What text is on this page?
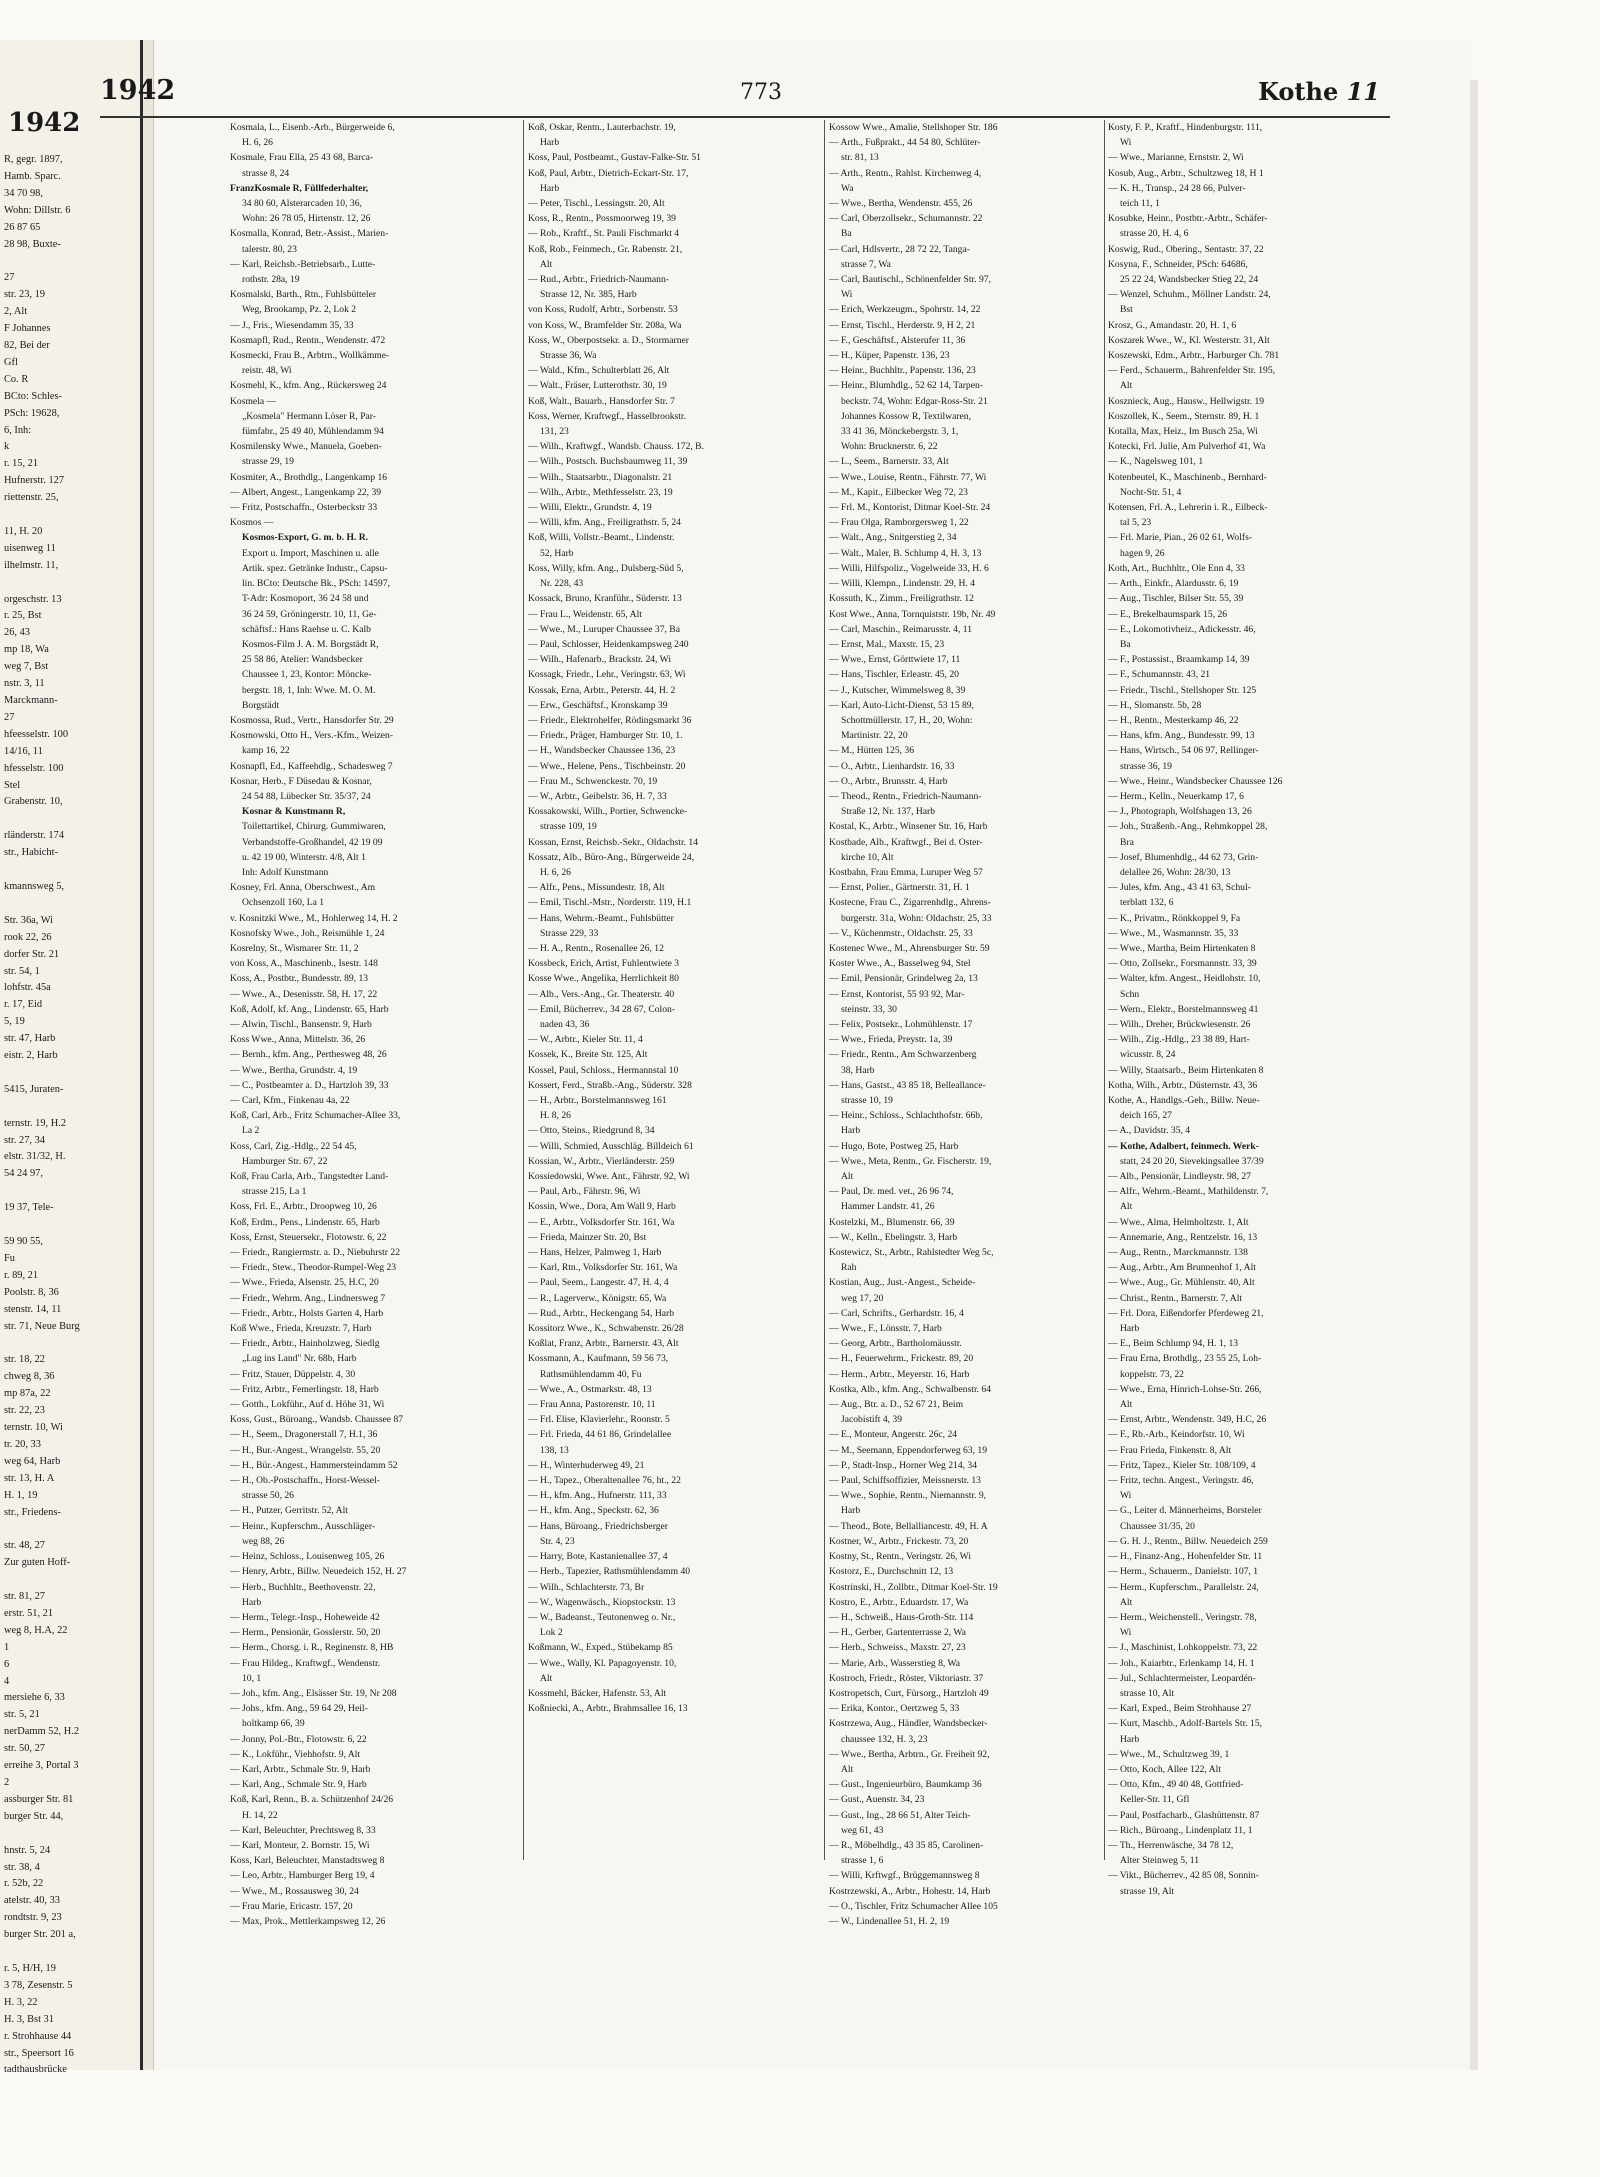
1942
R, gegr. 1897,
Hamb. Sparc.
34 70 98,
Wohn: Dillstr. 6
26 87 65
28 98, Buxte-

27
str. 23, 19
2, Alt
F Johannes
82, Bei der
Gfl
Co. R
BCto: Schles-
PSch: 19628,
6, Inh:
k
r. 15, 21
Hufnerstr. 127
riettenstr. 25,

11, H. 20
uisenweg 11
ilhelmstr. 11,

orgeschstr. 13
r. 25, Bst
26, 43
mp 18, Wa
weg 7, Bst
nstr. 3, 11
Marckmann-
27
hfeesselstr. 100
14/16, 11
hfesselstr. 100
Stel
Grabenstr. 10,

rländerstr. 174
str., Habicht-

kmannsweg 5,

Str. 36a, Wi
rook 22, 26
dorfer Str. 21
str. 54, 1
lohfstr. 45a
r. 17, Eid
5, 19
str. 47, Harb
eistr. 2, Harb

5415, Juraten-

ternstr. 19, H.2
str. 27, 34
elstr. 31/32, H.
54 24 97,

19 37, Tele-

59 90 55,
Fu
r. 89, 21
Poolstr. 8, 36
stenstr. 14, 11
str. 71, Neue Burg

str. 18, 22
chweg 8, 36
mp 87a, 22
str. 22, 23
ternstr. 10, Wi
tr. 20, 33
weg 64, Harb
str. 13, H. A
H. 1, 19
str., Friedens-

str. 48, 27
Zur guten Hoff-

str. 81, 27
erstr. 51, 21
weg 8, H.A, 22
1
6
4
mersiehe 6, 33
str. 5, 21
nerDamm 52, H.2
str. 50, 27
erreihe 3, Portal 3
2
assburger Str. 81
burger Str. 44,

hnstr. 5, 24
str. 38, 4
r. 52b, 22
atelstr. 40, 33
rondtstr. 9, 23
burger Str. 201 a,

r. 5, H/H, 19
3 78, Zesenstr. 5
H. 3, 22
H. 3, Bst 31
r. Strohhause 44
str., Speersort 16
tadthausbrücke
1942	773	Kothe 11
Kosmala, L., Eisenb.-Arb., Bürgerweide 6,
H. 6, 26
Kosmale, Frau Ella, 25 43 68, Barca-
strasse 8, 24
FranzKosmale R, Füllfederhalter,
34 80 60, Alsterarcaden 10, 36,
Wohn: 26 78 05, Hirtenstr. 12, 26
Kosmalla, Konrad, Betr.-Assist., Marien-
talerstr. 80, 23
— Karl, Reichsb.-Betriebsarb., Lutte-
rothstr. 28a, 19
Kosmalski, Barth., Rtn., Fuhlsbütteler
Weg, Brookamp, Pz. 2, Lok 2
— J., Fris., Wiesendamm 35, 33
Kosmapfl, Rud., Rentn., Wendenstr. 472
Kosmecki, Frau B., Arbtrn., Wollkämme-
reistr. 48, Wi
Kosmehl, K., kfm. Ang., Rückersweg 24
Kosmela —
„Kosmela" Hermann Löser R, Par-
fümfabr., 25 49 40, Mühlendamm 94
Kosmilensky Wwe., Manuela, Goeben-
strasse 29, 19
Kosmiter, A., Brothdlg., Langenkamp 16
— Albert, Angest., Langenkamp 22, 39
— Fritz, Postschaffn., Osterbeckstr 33
Kosmos —
Kosmos-Export, G. m. b. H. R.
Export u. Import, Maschinen u. alle
Artik. spez. Getränke Industr., Capsu-
lin. BCto: Deutsche Bk., PSch: 14597,
T-Adr: Kosmoport, 36 24 58 und
36 24 59, Gröningerstr. 10, 11, Ge-
schäftsf.: Hans Raehse u. C. Kalb
Kosmos-Film J. A. M. Borgstädt R,
25 58 86, Atelier: Wandsbecker
Chaussee 1, 23, Kontor: Möncke-
bergstr. 18, 1, Inh: Wwe. M. O. M.
Borgstädt
Kosmossa, Rud., Vertr., Hansdorfer Str. 29
Kosmowski, Otto H., Vers.-Kfm., Weizen-
kamp 16, 22
Kosnapfl, Ed., Kaffeehdlg., Schadesweg 7
Kosnar, Herb., F Düsedau & Kosnar,
24 54 88, Lübecker Str. 35/37, 24
Kosnar & Kunstmann R,
Toilettartikel, Chirurg. Gummiwaren,
Verbandstoffe-Großhandel, 42 19 09
u. 42 19 00, Winterstr. 4/8, Alt 1
Inh: Adolf Kunstmann
Kosney, Frl. Anna, Oberschwest., Am
Ochsenzoll 160, La 1
v. Kosnitzki Wwe., M., Hohlerweg 14, H. 2
Kosnofsky Wwe., Joh., Reismühle 1, 24
Kosrelny, St., Wismarer Str. 11, 2
von Koss, A., Maschinenb., Isestr. 148
Koss, A., Postbtr., Bundesstr. 89, 13
— Wwe., A., Desenisstr. 58, H. 17, 22
Koß, Adolf, kf. Ang., Lindenstr. 65, Harb
— Alwin, Tischl., Bansenstr. 9, Harb
Koss Wwe., Anna, Mittelstr. 36, 26
— Bernh., kfm. Ang., Perthesweg 48, 26
— Wwe., Bertha, Grundstr. 4, 19
— C., Postbeamter a. D., Hartzloh 39, 33
— Carl, Kfm., Finkenau 4a, 22
Koß, Carl, Arb., Fritz Schumacher-Allee 33,
La 2
Koss, Carl, Zig.-Hdlg., 22 54 45,
Hamburger Str. 67, 22
Koß, Frau Carla, Arb., Tangstedter Land-
strasse 215, La 1
Koss, Frl. E., Arbtr., Droopweg 10, 26
Koß, Erdm., Pens., Lindenstr. 65, Harb
Koss, Ernst, Steuersekr., Flotowstr. 6, 22
— Friedr., Rangiermstr. a. D., Niebuhrstr 22
— Friedr., Stew., Theodor-Rumpel-Weg 23
— Wwe., Frieda, Alsenstr. 25, H.C, 20
— Friedr., Wehrm. Ang., Lindnersweg 7
— Friedr., Arbtr., Holsts Garten 4, Harb
Koß Wwe., Frieda, Kreuzstr. 7, Harb
— Friedr., Arbtr., Hainholzweg, Siedlg
„Lug ins Land" Nr. 68b, Harb
— Fritz, Stauer, Düppelstr. 4, 30
— Fritz, Arbtr., Femerlingstr. 18, Harb
— Gotth., Lokführ., Auf d. Höhe 31, Wi
Koss, Gust., Büroang., Wandsb. Chaussee 87
— H., Seem., Dragonerstall 7, H.1, 36
— H., Bur.-Angest., Wrangelstr. 55, 20
— H., Bür.-Angest., Hammersteindamm 52
— H., Ob.-Postschaffn., Horst-Wessel-
strasse 50, 26
— H., Putzer, Gerritstr. 52, Alt
— Heinr., Kupferschm., Ausschläger-
weg 88, 26
— Heinz, Schloss., Louisenweg 105, 26
— Henry, Arbtr., Billw. Neuedeich 152, H. 27
— Herb., Buchhltr., Beethovenstr. 22,
Harb
— Herm., Telegr.-Insp., Hoheweide 42
— Herm., Pensionär, Gosslerstr. 50, 20
— Herm., Chorsg. i. R., Reginenstr. 8, HB
— Frau Hildeg., Kraftwgf., Wendenstr.
10, 1
— Joh., kfm. Ang., Elsässer Str. 19, Nr 208
— Johs., kfm. Ang., 59 64 29, Heil-
holtkamp 66, 39
— Jonny, Pol.-Btr., Flotowstr. 6, 22
— K., Lokführ., Viehhofstr. 9, Alt
— Karl, Arbtr., Schmale Str. 9, Harb
— Karl, Ang., Schmale Str. 9, Harb
Koß, Karl, Renn., B. a. Schützenhof 24/26
H. 14, 22
— Karl, Beleuchter, Prechtsweg 8, 33
— Karl, Monteur, 2. Bornstr. 15, Wi
Koss, Karl, Beleuchter, Manstadtsweg 8
— Leo, Arbtr., Hamburger Berg 19, 4
— Wwe., M., Rossausweg 30, 24
— Frau Marie, Ericastr. 157, 20
— Max, Prok., Mettlerkampsweg 12, 26
Koß, Oskar, Rentn., Lauterbachstr. 19,
Harb
Koss, Paul, Postbeamt., Gustav-Falke-Str. 51
Koß, Paul, Arbtr., Dietrich-Eckart-Str. 17,
Harb
— Peter, Tischl., Lessingstr. 20, Alt
Koss, R., Rentn., Possmoorweg 19, 39
— Rob., Kraftf., St. Pauli Fischmarkt 4
Koß, Rob., Feinmech., Gr. Rabenstr. 21,
Alt
— Rud., Arbtr., Friedrich-Naumann-
Strasse 12, Nr. 385, Harb
von Koss, Rudolf, Arbtr., Sorbenstr. 53
von Koss, W., Bramfelder Str. 208a, Wa
Koss, W., Oberpostsekr. a. D., Stormarner
Strasse 36, Wa
— Wald., Kfm., Schulterblatt 26, Alt
— Walt., Fräser, Lutterothstr. 30, 19
Koß, Walt., Bauarb., Hansdorfer Str. 7
Koss, Werner, Kraftwgf., Hasselbrookstr.
131, 23
— Wilh., Kraftwgf., Wandsb. Chauss. 172, B.
— Wilh., Postsch. Buchsbaumweg 11, 39
— Wilh., Staatsarbtr., Diagonalstr. 21
— Wilh., Arbtr., Methfesselstr. 23, 19
— Willi, Elektr., Grundstr. 4, 19
— Willi, kfm. Ang., Freiligrathstr. 5, 24
Koß, Willi, Vollstr.-Beamt., Lindenstr.
52, Harb
Koss, Willy, kfm. Ang., Dulsberg-Süd 5,
Nr. 228, 43
Kossack, Bruno, Kranführ., Süderstr. 13
— Frau L., Weidenstr. 65, Alt
— Wwe., M., Luruper Chaussee 37, Ba
— Paul, Schlosser, Heidenkampsweg 240
— Wilh., Hafenarb., Brackstr. 24, Wi
Kossagk, Friedr., Lehr., Veringstr. 63, Wi
Kossak, Erna, Arbtr., Peterstr. 44, H. 2
— Erw., Geschäftsf., Kronskamp 39
— Friedr., Elektrohelfer, Rödingsmarkt 36
— Friedr., Präger, Hamburger Str. 10, 1.
— H., Wandsbecker Chaussee 136, 23
— Wwe., Helene, Pens., Tischbeinstr. 20
— Frau M., Schwenckestr. 70, 19
— W., Arbtr., Geibelstr. 36, H. 7, 33
Kossakowski, Wilh., Portier, Schwencke-
strasse 109, 19
Kossan, Ernst, Reichsb.-Sekr., Oldachstr. 14
Kossatz, Alb., Büro-Ang., Bürgerweide 24,
H. 6, 26
— Alfr., Pens., Missundestr. 18, Alt
— Emil, Tischl.-Mstr., Norderstr. 119, H.1
— Hans, Wehrm.-Beamt., Fuhlsbütter
Strasse 229, 33
— H. A., Rentn., Rosenallee 26, 12
Kossbeck, Erich, Artist, Fuhlentwiete 3
Kosse Wwe., Angelika, Herrlichkeit 80
— Alb., Vers.-Ang., Gr. Theaterstr. 40
— Emil, Bücherrev., 34 28 67, Colon-
naden 43, 36
— W., Arbtr., Kieler Str. 11, 4
Kossek, K., Breite Str. 125, Alt
Kossel, Paul, Schloss., Hermannstal 10
Kossert, Ferd., Straßb.-Ang., Süderstr. 328
— H., Arbtr., Borstelmannsweg 161
H. 8, 26
— Otto, Steins., Riedgrund 8, 34
— Willi, Schmied, Ausschläg. Billdeich 61
Kossian, W., Arbtr., Vierländerstr. 259
Kossiedowski, Wwe. Ant., Fährstr. 92, Wi
— Paul, Arb., Fährstr. 96, Wi
Kossin, Wwe., Dora, Am Wall 9, Harb
— E., Arbtr., Volksdorfer Str. 161, Wa
— Frieda, Mainzer Str. 20, Bst
— Hans, Helzer, Palmweg 1, Harb
— Karl, Rtn., Volksdorfer Str. 161, Wa
— Paul, Seem., Langestr. 47, H. 4, 4
— R., Lagerverw., Königstr. 65, Wa
— Rud., Arbtr., Heckengang 54, Harb
Kossitorz Wwe., K., Schwabenstr. 26/28
Koßlat, Franz, Arbtr., Barnerstr. 43, Alt
Kossmann, A., Kaufmann, 59 56 73,
Rathsmühlendamm 40, Fu
— Wwe., A., Ostmarkstr. 48, 13
— Frau Anna, Pastorenstr. 10, 11
— Frl. Elise, Klavierlehr., Roonstr. 5
— Frl. Frieda, 44 61 86, Grindelallee
138, 13
— H., Winterhuderweg 49, 21
— H., Tapez., Oberaltenallee 76, ht., 22
— H., kfm. Ang., Hufnerstr. 111, 33
— H., kfm. Ang., Speckstr. 62, 36
— Hans, Büroang., Friedrichsberger
Str. 4, 23
— Harry, Bote, Kastanienallee 37, 4
— Herb., Tapezier, Rathsmühlendamm 40
— Wilh., Schlachterstr. 73, Br
— W., Wagenwäsch., Kiopstockstr. 13
— W., Badeanst., Teutonenweg o. Nr.,
Lok 2
Koßmann, W., Exped., Stübekamp 85
— Wwe., Wally, Kl. Papagoyenstr. 10,
Alt
Kossmehl, Bäcker, Hafenstr. 53, Alt
Koßniecki, A., Arbtr., Brahmsallee 16, 13
Kossow Wwe., Amalie, Stellshoper Str. 186
— Arth., Fußprakt., 44 54 80, Schlüter-
str. 81, 13
— Arth., Rentn., Rahlst. Kirchenweg 4,
Wa
— Wwe., Bertha, Wendenstr. 455, 26
— Carl, Oberzollsekr., Schumannstr. 22
Ba
— Carl, Hdlsvertr., 28 72 22, Tanga-
strasse 7, Wa
— Carl, Bautischl., Schönenfelder Str. 97,
Wi
— Erich, Werkzeugm., Spohrstr. 14, 22
— Ernst, Tischl., Herderstr. 9, H 2, 21
— F., Geschäftsf., Alsterufer 11, 36
— H., Küper, Papenstr. 136, 23
— Heinr., Buchhltr., Papenstr. 136, 23
— Heinr., Blumhdlg., 52 62 14, Tarpen-
beckstr. 74, Wohn: Edgar-Ross-Str. 21
Johannes Kossow R, Textilwaren,
33 41 36, Mönckebergstr. 3, 1,
Wohn: Brucknerstr. 6, 22
— L., Seem., Barnerstr. 33, Alt
— Wwe., Louise, Rentn., Fährstr. 77, Wi
— M., Kapit., Eilbecker Weg 72, 23
— Frl. M., Kontorist, Ditmar Koel-Str. 24
— Frau Olga, Ramborgersweg 1, 22
— Walt., Ang., Snitgerstieg 2, 34
— Walt., Maler, B. Schlump 4, H. 3, 13
— Willi, Hilfspoliz., Vogelweide 33, H. 6
— Willi, Klempn., Lindenstr. 29, H. 4
Kossuth, K., Zimm., Freiligrathstr. 12
Kost Wwe., Anna, Tornquiststr. 19b, Nr. 49
— Carl, Maschin., Reimarusstr. 4, 11
— Ernst, Mal., Maxstr. 15, 23
— Wwe., Ernst, Görttwiete 17, 11
— Hans, Tischler, Erleastr. 45, 20
— J., Kutscher, Wimmelsweg 8, 39
— Karl, Auto-Licht-Dienst, 53 15 89,
Schottmüllerstr. 17, H., 20, Wohn:
Martinistr. 22, 20
— M., Hütten 125, 36
— O., Arbtr., Lienhardstr. 16, 33
— O., Arbtr., Brunsstr. 4, Harb
— Theod., Rentn., Friedrich-Naumann-
Straße 12, Nr. 137, Harb
Kostal, K., Arbtr., Winsener Str. 16, Harb
Kostbade, Alb., Kraftwgf., Bei d. Oster-
kirche 10, Alt
Kostbahn, Frau Emma, Luruper Weg 57
— Ernst, Polier., Gärtnerstr. 31, H. 1
Kostecne, Frau C., Zigarrenhdlg., Ahrens-
burgerstr. 31a, Wohn: Oldachstr. 25, 33
— V., Küchenmstr., Oldachstr. 25, 33
Kostenec Wwe., M., Ahrensburger Str. 59
Koster Wwe., A., Basselweg 94, Stel
— Emil, Pensionär, Grindelweg 2a, 13
— Ernst, Kontorist, 55 93 92, Mar-
steinstr. 33, 30
— Felix, Postsekr., Lohmühlenstr. 17
— Wwe., Frieda, Preystr. 1a, 39
— Friedr., Rentn., Am Schwarzenberg
38, Harb
— Hans, Gastst., 43 85 18, Belleallance-
strasse 10, 19
— Heinr., Schloss., Schlachthofstr. 66b,
Harb
— Hugo, Bote, Postweg 25, Harb
— Wwe., Meta, Rentn., Gr. Fischerstr. 19,
Alt
— Paul, Dr. med. vet., 26 96 74,
Hammer Landstr. 41, 26
Kostelzki, M., Blumenstr. 66, 39
— W., Kelln., Ebelingstr. 3, Harb
Kostewicz, St., Arbtr., Rahlstedter Weg 5c,
Rah
Kostian, Aug., Just.-Angest., Scheide-
weg 17, 20
— Carl, Schrifts., Gerhardstr. 16, 4
— Wwe., F., Lönsstr. 7, Harb
— Georg, Arbtr., Bartholomäusstr.
— H., Feuerwehrm., Frickestr. 89, 20
— Herm., Arbtr., Meyerstr. 16, Harb
Kostka, Alb., kfm. Ang., Schwalbenstr. 64
— Aug., Btr. a. D., 52 67 21, Beim
Jacobistift 4, 39
— E., Monteur, Angerstr. 26c, 24
— M., Seemann, Eppendorferweg 63, 19
— P., Stadt-Insp., Horner Weg 214, 34
— Paul, Schiffsoffizier, Meissnerstr. 13
— Wwe., Sophie, Rentn., Niemannstr. 9,
Harb
— Theod., Bote, Bellalliancestr. 49, H. A
Kostner, W., Arbtr., Frickestr. 73, 20
Kostny, St., Rentn., Veringstr. 26, Wi
Kostorz, E., Durchschnitt 12, 13
Kostrinski, H., Zollbtr., Ditmar Koel-Str. 19
Kostro, E., Arbtr., Eduardstr. 17, Wa
— H., Schweiß., Haus-Groth-Str. 114
— H., Gerber, Gartenterrasse 2, Wa
— Herb., Schweiss., Maxstr. 27, 23
— Marie, Arb., Wasserstieg 8, Wa
Kostroch, Friedr., Röster, Viktoriastr. 37
Kostropetsch, Curt, Fürsorg., Hartzloh 49
— Erika, Kontor., Oertzweg 5, 33
Kostrzewa, Aug., Händler, Wandsbecker-
chaussee 132, H. 3, 23
— Wwe., Bertha, Arbtrn., Gr. Freiheit 92,
Alt
— Gust., Ingenieurbüro, Baumkamp 36
— Gust., Auenstr. 34, 23
— Gust., Ing., 28 66 51, Alter Teich-
weg 61, 43
— R., Möbelhdlg., 43 35 85, Carolinen-
strasse 1, 6
— Willi, Krftwgf., Brüggemannsweg 8
Kostrzewski, A., Arbtr., Hohestr. 14, Harb
— O., Tischler, Fritz Schumacher Allee 105
— W., Lindenallee 51, H. 2, 19
Kosty, F. P., Kraftf., Hindenburgstr. 111,
Wi
— Wwe., Marianne, Ernststr. 2, Wi
Kosub, Aug., Arbtr., Schultzweg 18, H 1
— K. H., Transp., 24 28 66, Pulver-
teich 11, 1
Kosubke, Heinr., Postbtr.-Arbtr., Schäfer-
strasse 20, H. 4, 6
Koswig, Rud., Obering., Sentastr. 37, 22
Kosyna, F., Schneider, PSch: 64686,
25 22 24, Wandsbecker Stieg 22, 24
— Wenzel, Schuhm., Möllner Landstr. 24,
Bst
Krosz, G., Amandastr. 20, H. 1, 6
Koszarek Wwe., W., Kl. Westerstr. 31, Alt
Koszewski, Edm., Arbtr., Harburger Ch. 781
— Ferd., Schauerm., Bahrenfelder Str. 195,
Alt
Kosznieck, Aug., Hausw., Hellwigstr. 19
Koszollek, K., Seem., Sternstr. 89, H. 1
Kotalla, Max, Heiz., Im Busch 25a, Wi
Kotecki, Frl. Julie, Am Pulverhof 41, Wa
— K., Nagelsweg 101, 1
Kotenbeutel, K., Maschinenb., Bernhard-
Nocht-Str. 51, 4
Kotensen, Frl. A., Lehrerin i. R., Eilbeck-
tal 5, 23
— Frl. Marie, Pian., 26 02 61, Wolfs-
hagen 9, 26
Koth, Art., Buchhltr., Ole Enn 4, 33
— Arth., Einkfr., Alardusstr. 6, 19
— Aug., Tischler, Bilser Str. 55, 39
— E., Brekelbaumspark 15, 26
— E., Lokomotivheiz., Adickesstr. 46,
Ba
— F., Postassist., Braamkamp 14, 39
— F., Schumannstr. 43, 21
— Friedr., Tischl., Stellshoper Str. 125
— H., Slomanstr. 5b, 28
— H., Rentn., Mesterkamp 46, 22
— Hans, kfm. Ang., Bundesstr. 99, 13
— Hans, Wirtsch., 54 06 97, Rellinger-
strasse 36, 19
— Wwe., Heinr., Wandsbecker Chaussee 126
— Herm., Kelln., Neuerkamp 17, 6
— J., Photograph, Wolfshagen 13, 26
— Joh., Straßenb.-Ang., Rehmkoppel 28,
Bra
— Josef, Blumenhdlg., 44 62 73, Grin-
delallee 26, Wohn: 28/30, 13
— Jules, kfm. Ang., 43 41 63, Schul-
terblatt 132, 6
— K., Privatm., Rönkkoppel 9, Fa
— Wwe., M., Wasmannstr. 35, 33
— Wwe., Martha, Beim Hirtenkaten 8
— Otto, Zollsekr., Forsmannstr. 33, 39
— Walter, kfm. Angest., Heidlohstr. 10,
Schn
— Wern., Elektr., Borstelmannsweg 41
— Wilh., Dreher, Brückwiesenstr. 26
— Wilh., Zig.-Hdlg., 23 38 89, Hart-
wicusstr. 8, 24
— Willy, Staatsarb., Beim Hirtenkaten 8
Kotha, Wilh., Arbtr., Düsternstr. 43, 36
Kothe, A., Handlgs.-Geh., Billw. Neue-
deich 165, 27
— A., Davidstr. 35, 4
— Kothe, Adalbert, feinmech. Werk-
statt, 24 20 20, Sievekingsallee 37/39
— Alb., Pensionär, Lindleystr. 98, 27
— Alfr., Wehrm.-Beamt., Mathildenstr. 7,
Alt
— Wwe., Alma, Helmholtzstr. 1, Alt
— Annemarie, Ang., Rentzelstr. 16, 13
— Aug., Rentn., Marckmannstr. 138
— Aug., Arbtr., Am Brunnenhof 1, Alt
— Wwe., Aug., Gr. Mühlenstr. 40, Alt
— Christ., Rentn., Barnerstr. 7, Alt
— Frl. Dora, Eißendorfer Pferdeweg 21,
Harb
— E., Beim Schlump 94, H. 1, 13
— Frau Erna, Brothdlg., 23 55 25, Loh-
koppelstr. 73, 22
— Wwe., Erna, Hinrich-Lohse-Str. 266,
Alt
— Ernst, Arbtr., Wendenstr. 349, H.C, 26
— F., Rb.-Arb., Keindorfstr. 10, Wi
— Frau Frieda, Finkenstr. 8, Alt
— Fritz, Tapez., Kieler Str. 108/109, 4
— Fritz, techn. Angest., Veringstr. 46,
Wi
— G., Leiter d. Männerheims, Borsteler
Chaussee 31/35, 20
— G. H. J., Rentn., Billw. Neuedeich 259
— H., Finanz-Ang., Hohenfelder Str. 11
— Herm., Schauerm., Danielstr. 107, 1
— Herm., Kupferschm., Parallelstr. 24,
Alt
— Herm., Weichenstell., Veringstr. 78,
Wi
— J., Maschinist, Lohkoppelstr. 73, 22
— Joh., Kaiarbtr., Erlenkamp 14, H. 1
— Jul., Schlachtermeister, Leopardén-
strasse 10, Alt
— Karl, Exped., Beim Strohhause 27
— Kurt, Maschb., Adolf-Bartels Str. 15,
Harb
— Wwe., M., Schultzweg 39, 1
— Otto, Koch, Allee 122, Alt
— Otto, Kfm., 49 40 48, Gottfried-
Keller-Str. 11, Gfl
— Paul, Postfacharb., Glashüttenstr. 87
— Rich., Büroang., Lindenplatz 11, 1
— Th., Herrenwäsche, 34 78 12,
Alter Steinweg 5, 11
— Vikt., Bücherrev., 42 85 08, Sonnin-
strasse 19, Alt
